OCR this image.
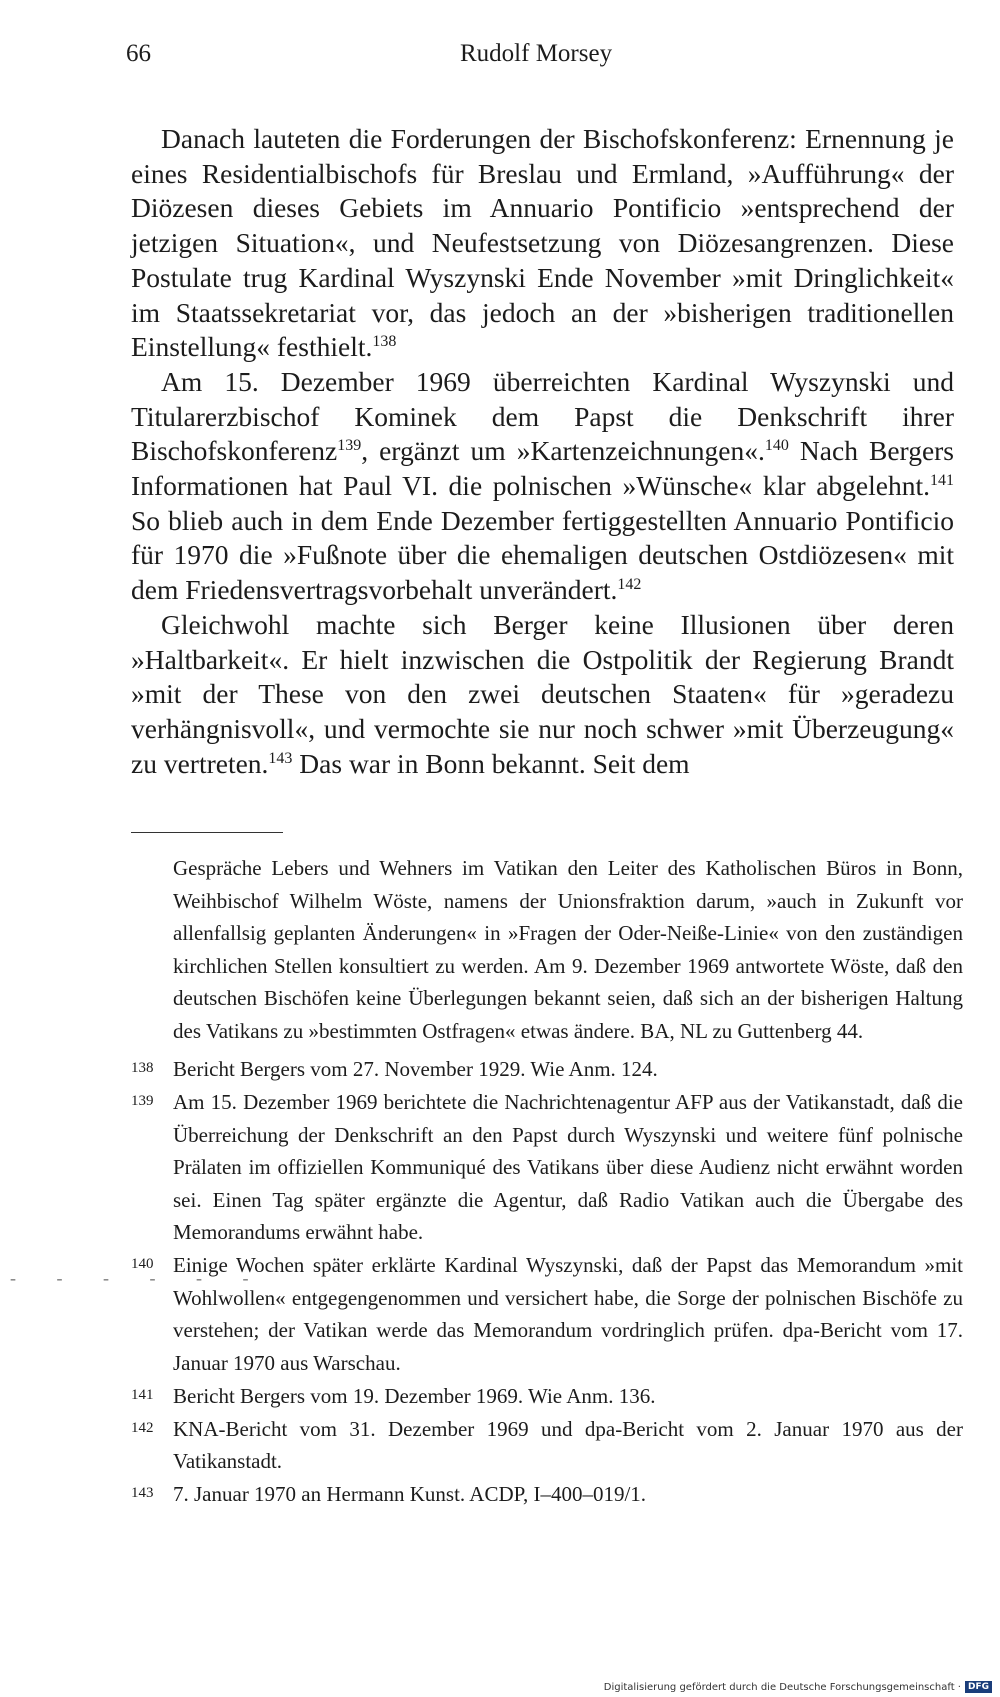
66	Rudolf Morsey

Danach lauteten die Forderungen der Bischofskonferenz: Ernennung je eines Residentialbischofs für Breslau und Ermland, »Aufführung« der Diözesen dieses Gebiets im Annuario Pontificio »entsprechend der jetzigen Situation«, und Neufestsetzung von Diözesangrenzen. Diese Postulate trug Kardinal Wyszynski Ende November »mit Dringlichkeit« im Staatssekretariat vor, das jedoch an der »bisherigen traditionellen Einstellung« festhielt.$^{138}$

Am 15. Dezember 1969 überreichten Kardinal Wyszynski und Titularerzbischof Kominek dem Papst die Denkschrift ihrer Bischofskonferenz$^{139}$, ergänzt um »Kartenzeichnungen«.$^{140}$ Nach Bergers Informationen hat Paul VI. die polnischen »Wünsche« klar abgelehnt.$^{141}$ So blieb auch in dem Ende Dezember fertiggestellten Annuario Pontificio für 1970 die »Fußnote über die ehemaligen deutschen Ostdiözesen« mit dem Friedensvertragsvorbehalt unverändert.$^{142}$

Gleichwohl machte sich Berger keine Illusionen über deren »Haltbarkeit«. Er hielt inzwischen die Ostpolitik der Regierung Brandt »mit der These von den zwei deutschen Staaten« für »geradezu verhängnisvoll«, und vermochte sie nur noch schwer »mit Überzeugung« zu vertreten.$^{143}$ Das war in Bonn bekannt. Seit dem

Gespräche Lebers und Wehners im Vatikan den Leiter des Katholischen Büros in Bonn, Weihbischof Wilhelm Wöste, namens der Unionsfraktion darum, »auch in Zukunft vor allenfallsig geplanten Änderungen« in »Fragen der Oder-Neiße-Linie« von den zuständigen kirchlichen Stellen konsultiert zu werden. Am 9. Dezember 1969 antwortete Wöste, daß den deutschen Bischöfen keine Überlegungen bekannt seien, daß sich an der bisherigen Haltung des Vatikans zu »bestimmten Ostfragen« etwas ändere. BA, NL zu Guttenberg 44.
138 Bericht Bergers vom 27. November 1929. Wie Anm. 124.
139 Am 15. Dezember 1969 berichtete die Nachrichtenagentur AFP aus der Vatikanstadt, daß die Überreichung der Denkschrift an den Papst durch Wyszynski und weitere fünf polnische Prälaten im offiziellen Kommuniqué des Vatikans über diese Audienz nicht erwähnt worden sei. Einen Tag später ergänzte die Agentur, daß Radio Vatikan auch die Übergabe des Memorandums erwähnt habe.
140 Einige Wochen später erklärte Kardinal Wyszynski, daß der Papst das Memorandum »mit Wohlwollen« entgegengenommen und versichert habe, die Sorge der polnischen Bischöfe zu verstehen; der Vatikan werde das Memorandum vordringlich prüfen. dpa-Bericht vom 17. Januar 1970 aus Warschau.
141 Bericht Bergers vom 19. Dezember 1969. Wie Anm. 136.
142 KNA-Bericht vom 31. Dezember 1969 und dpa-Bericht vom 2. Januar 1970 aus der Vatikanstadt.
143 7. Januar 1970 an Hermann Kunst. ACDP, I–400–019/1.
- - - - - -
Digitalisierung gefördert durch die Deutsche Forschungsgemeinschaft · DFG
